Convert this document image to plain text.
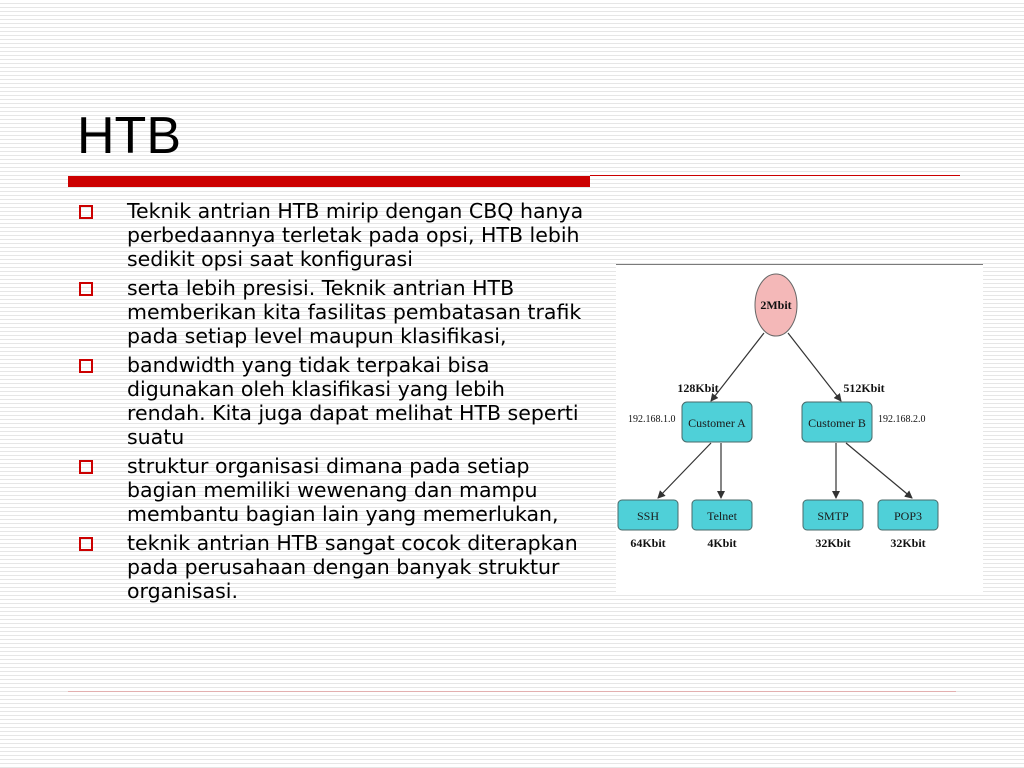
HTB
Teknik antrian HTB mirip dengan CBQ hanya perbedaannya terletak pada opsi, HTB lebih sedikit opsi saat konfigurasi
serta lebih presisi. Teknik antrian HTB memberikan kita fasilitas pembatasan trafik pada setiap level maupun klasifikasi,
bandwidth yang tidak terpakai bisa digunakan oleh klasifikasi yang lebih rendah. Kita juga dapat melihat HTB seperti suatu
struktur organisasi dimana pada setiap bagian memiliki wewenang dan mampu membantu bagian lain yang memerlukan,
teknik antrian HTB sangat cocok diterapkan pada perusahaan dengan banyak struktur organisasi.
2Mbit
128Kbit	512Kbit
Customer A
192.168.1.0	Customer B 192.168.2.0
SSH
64Kbit
Telnet
4Kbit
SMTP
32Kbit
POP3
32Kbit
